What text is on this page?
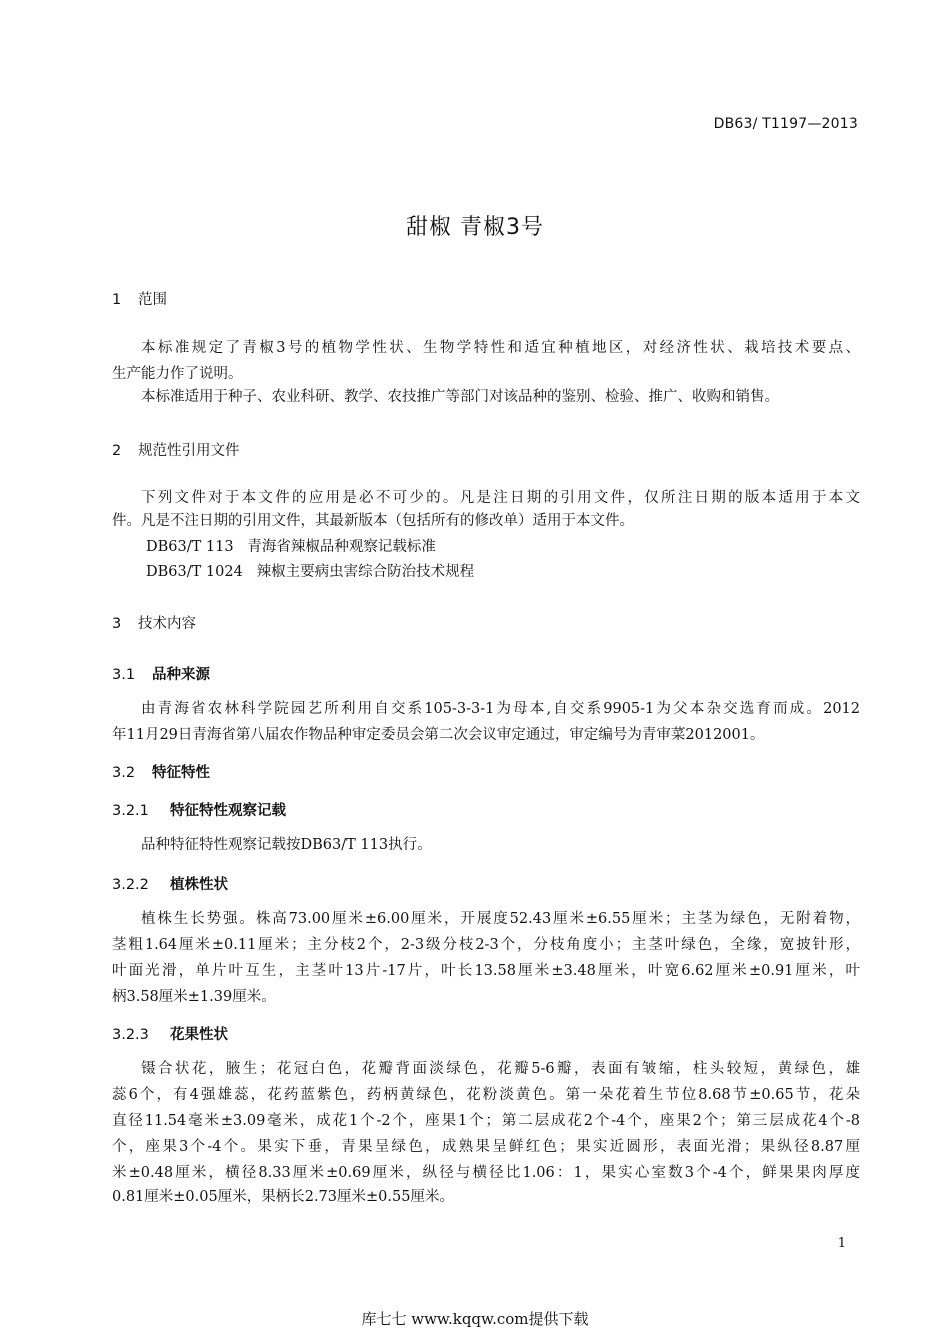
DB63/ T1197—2013
甜椒 青椒3号
1 范围
本标准规定了青椒3号的植物学性状、生物学特性和适宜种植地区，对经济性状、栽培技术要点、
生产能力作了说明。
本标准适用于种子、农业科研、教学、农技推广等部门对该品种的鉴别、检验、推广、收购和销售。
2 规范性引用文件
下列文件对于本文件的应用是必不可少的。凡是注日期的引用文件，仅所注日期的版本适用于本文
件。凡是不注日期的引用文件，其最新版本（包括所有的修改单）适用于本文件。
DB63/T 113 青海省辣椒品种观察记载标准
DB63/T 1024 辣椒主要病虫害综合防治技术规程
3 技术内容
3.1 品种来源
由青海省农林科学院园艺所利用自交系105-3-3-1为母本,自交系9905-1为父本杂交选育而成。2012
年11月29日青海省第八届农作物品种审定委员会第二次会议审定通过，审定编号为青审菜2012001。
3.2 特征特性
3.2.1 特征特性观察记载
品种特征特性观察记载按DB63/T 113执行。
3.2.2 植株性状
植株生长势强。株高73.00厘米±6.00厘米，开展度52.43厘米±6.55厘米；主茎为绿色，无附着物，
茎粗1.64厘米±0.11厘米；主分枝2个，2-3级分枝2-3个，分枝角度小；主茎叶绿色，全缘，宽披针形，
叶面光滑，单片叶互生，主茎叶13片-17片，叶长13.58厘米±3.48厘米，叶宽6.62厘米±0.91厘米，叶
柄3.58厘米±1.39厘米。
3.2.3 花果性状
镊合状花，腋生；花冠白色，花瓣背面淡绿色，花瓣5-6瓣，表面有皱缩，柱头较短，黄绿色，雄
蕊6个，有4强雄蕊，花药蓝紫色，药柄黄绿色，花粉淡黄色。第一朵花着生节位8.68节±0.65节，花朵
直径11.54毫米±3.09毫米，成花1个-2个，座果1个；第二层成花2个-4个，座果2个；第三层成花4个-8
个，座果3个-4个。果实下垂，青果呈绿色，成熟果呈鲜红色；果实近圆形，表面光滑；果纵径8.87厘
米±0.48厘米，横径8.33厘米±0.69厘米，纵径与横径比1.06：1，果实心室数3个-4个，鲜果果肉厚度
0.81厘米±0.05厘米，果柄长2.73厘米±0.55厘米。
1
库七七 www.kqqw.com提供下载
